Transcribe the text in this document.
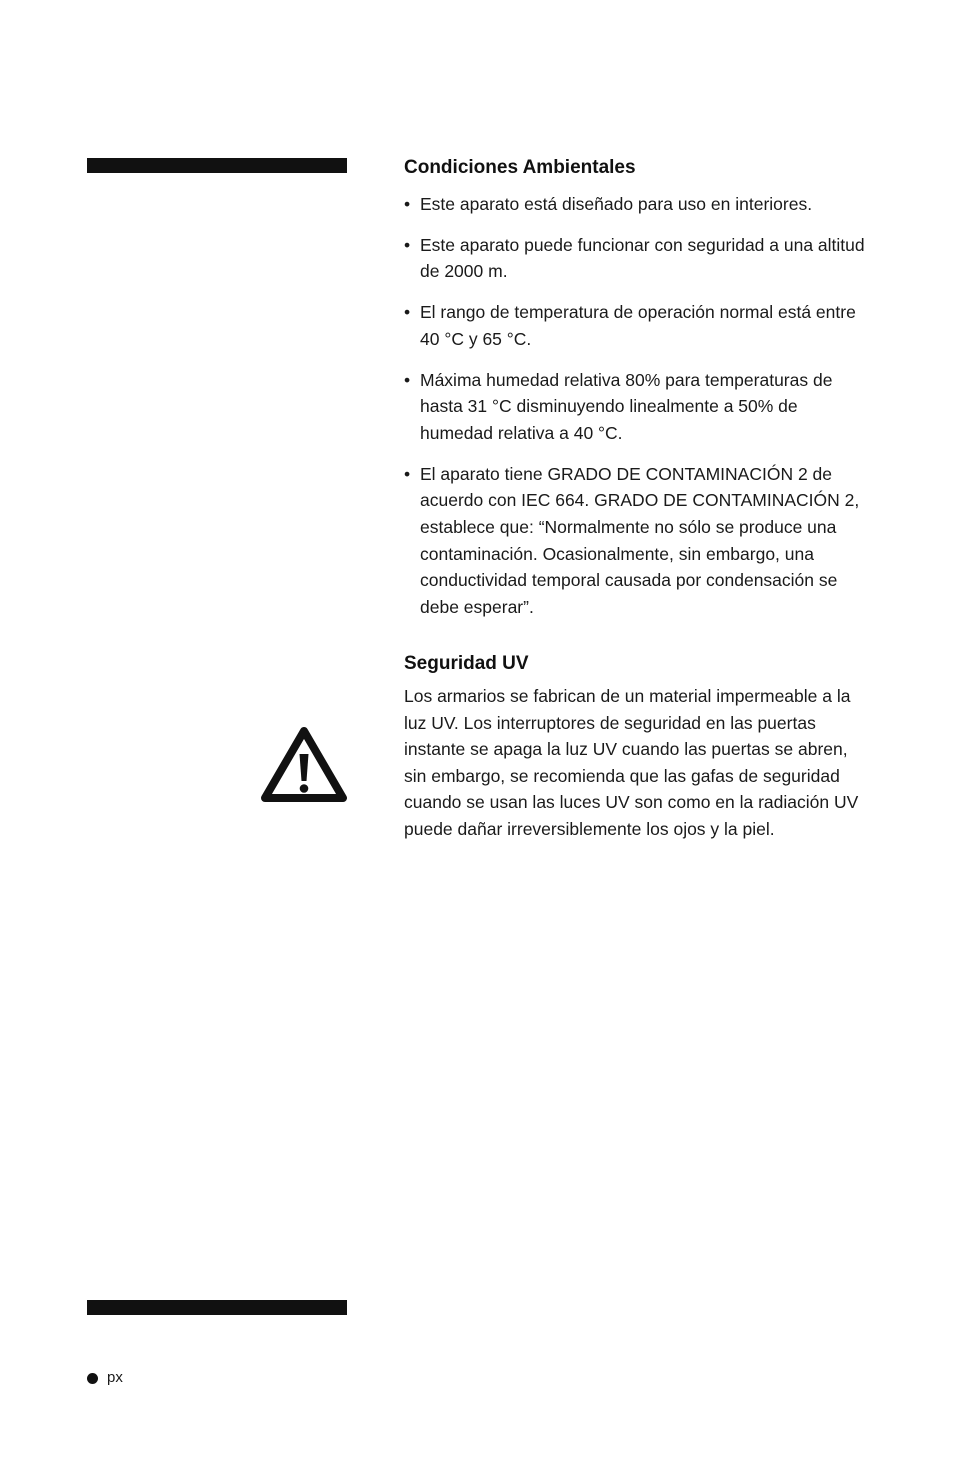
Condiciones Ambientales
• Este aparato está diseñado para uso en interiores.
• Este aparato puede funcionar con seguridad a una altitud de 2000 m.
• El rango de temperatura de operación normal está entre 40 °C y 65 °C.
• Máxima humedad relativa 80% para temperaturas de hasta 31 °C disminuyendo linealmente a 50% de humedad relativa a 40 °C.
• El aparato tiene GRADO DE CONTAMINACIÓN 2 de acuerdo con IEC 664. GRADO DE CONTAMINACIÓN 2, establece que: “Normalmente no sólo se produce una contaminación. Ocasionalmente, sin embargo, una conductividad temporal causada por condensación se debe esperar”.
Seguridad UV

Los armarios se fabrican de un material impermeable a la luz UV. Los interruptores de seguridad en las puertas instante se apaga la luz UV cuando las puertas se abren, sin embargo, se recomienda que las gafas de seguridad cuando se usan las luces UV son como en la radiación UV puede dañar irreversiblemente los ojos y la piel.

px
